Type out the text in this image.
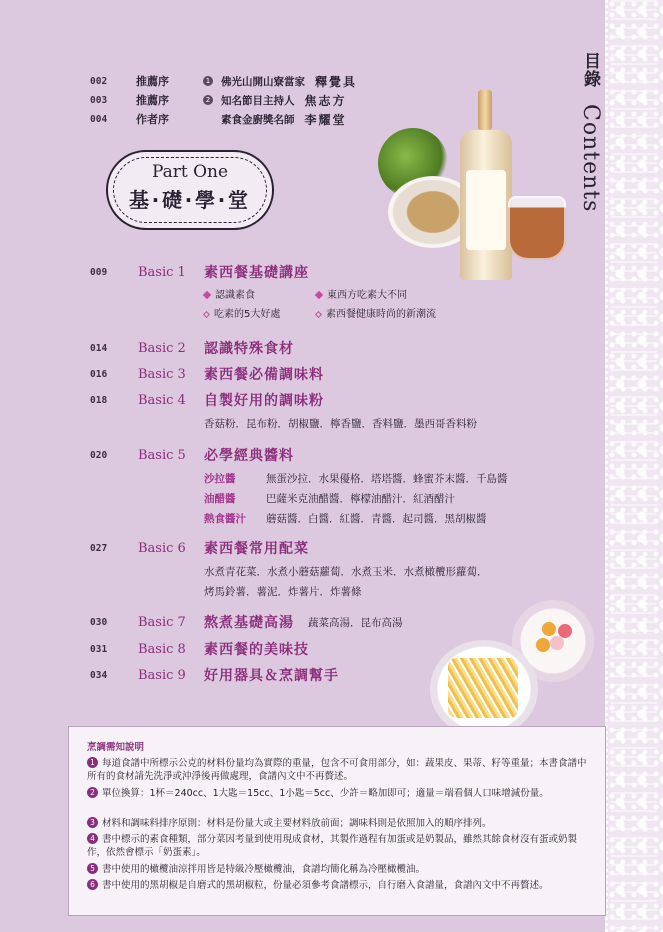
目錄 Contents
002	推薦序	1 佛光山開山寮當家 釋覺具
003	推薦序	2 知名節目主持人 焦志方
004	作者序	素食金廚獎名師 李耀堂
Part One
基‧礎‧學‧堂
009	Basic 1	素西餐基礎講座
認識素食	東西方吃素大不同
吃素的5大好處	素西餐健康時尚的新潮流
014	Basic 2	認識特殊食材
016	Basic 3	素西餐必備調味料
018	Basic 4	自製好用的調味粉
香菇粉．昆布粉．胡椒鹽．檸香鹽．香料鹽．墨西哥香料粉
020	Basic 5	必學經典醬料
沙拉醬	無蛋沙拉．水果優格．塔塔醬．蜂蜜芥末醬．千島醬
油醋醬	巴薩米克油醋醬．檸檬油醋汁．紅酒醋汁
熱食醬汁	蘑菇醬．白醬．紅醬．青醬．起司醬．黑胡椒醬
027	Basic 6	素西餐常用配菜
水煮青花菜．水煮小蘑菇蘿蔔．水煮玉米．水煮橄欖形蘿蔔．
烤馬鈴薯．薯泥．炸薯片．炸薯條
030	Basic 7	熬煮基礎高湯 蔬菜高湯．昆布高湯
031	Basic 8	素西餐的美味技
034	Basic 9	好用器具＆烹調幫手
烹調需知說明
1 每道食譜中所標示公克的材料份量均為實際的重量，包含不可食用部分，如：蔬果皮、果蒂、籽等重量；本書食譜中所有的食材請先洗淨或沖淨後再做處理，食譜內文中不再贅述。
2 單位換算：1杯＝240cc、1大匙＝15cc、1小匙＝5cc、少許＝略加即可；適量＝端看個人口味增減份量。
3 材料和調味料排序原則：材料是份量大或主要材料放前面；調味料則是依照加入的順序排列。
4 書中標示的素食種類，部分菜因考量到使用現成食材，其製作過程有加蛋或是奶製品，雖然其餘食材沒有蛋或奶製作，依然會標示「奶蛋素」。
5 書中使用的橄欖油涼拌用皆是特級冷壓橄欖油，食譜均簡化稱為冷壓橄欖油。
6 書中使用的黑胡椒是自磨式的黑胡椒粒，份量必須參考食譜標示，自行磨入食譜量，食譜內文中不再贅述。
